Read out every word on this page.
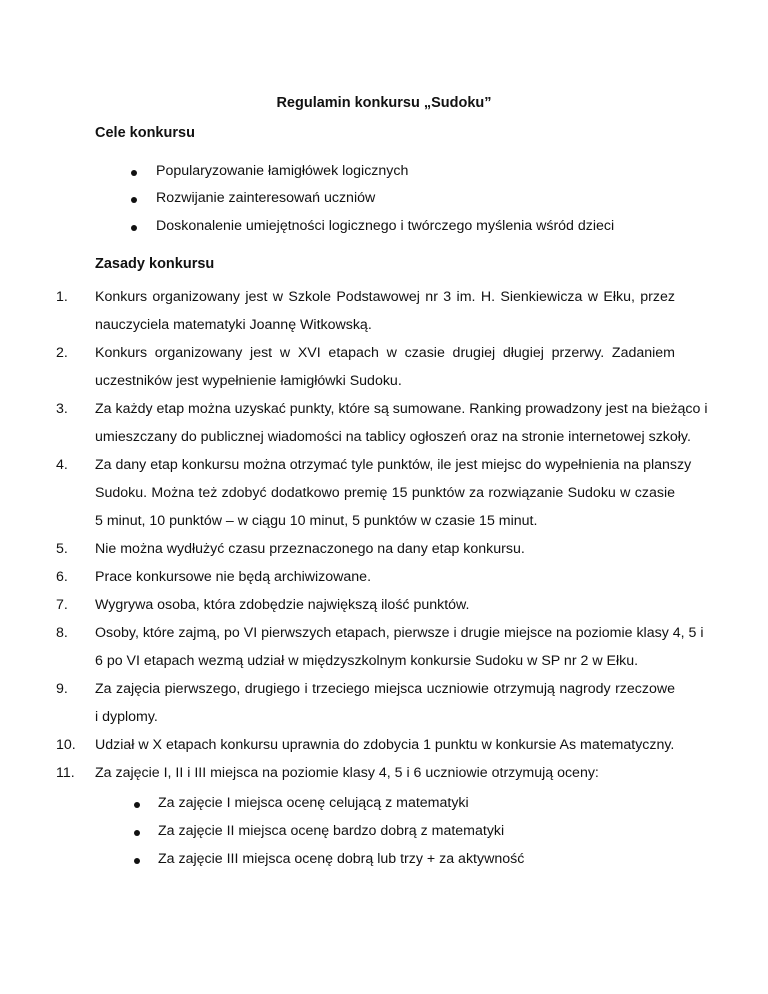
Regulamin konkursu „Sudoku”
Cele konkursu
Popularyzowanie łamigłówek logicznych
Rozwijanie zainteresowań uczniów
Doskonalenie umiejętności logicznego i twórczego myślenia wśród dzieci
Zasady konkursu
1.	Konkurs organizowany jest w Szkole Podstawowej nr 3 im. H. Sienkiewicza w Ełku, przez
nauczyciela matematyki Joannę Witkowską.
2.	Konkurs organizowany jest w XVI etapach w czasie drugiej długiej przerwy. Zadaniem
uczestników jest wypełnienie łamigłówki Sudoku.
3.	Za każdy etap można uzyskać punkty, które są sumowane. Ranking prowadzony jest na bieżąco i
umieszczany do publicznej wiadomości na tablicy ogłoszeń oraz na stronie internetowej szkoły.
4.	Za dany etap konkursu można otrzymać tyle punktów, ile jest miejsc do wypełnienia na planszy
Sudoku. Można też zdobyć dodatkowo premię 15 punktów za rozwiązanie Sudoku w czasie
5 minut, 10 punktów – w ciągu 10 minut, 5 punktów w czasie 15 minut.
5.	Nie można wydłużyć czasu przeznaczonego na dany etap konkursu.
6.	Prace konkursowe nie będą archiwizowane.
7.	Wygrywa osoba, która zdobędzie największą ilość punktów.
8.	Osoby, które zajmą, po VI pierwszych etapach, pierwsze i drugie miejsce na poziomie klasy 4, 5 i
6 po VI etapach wezmą udział w międzyszkolnym konkursie Sudoku w SP nr 2 w Ełku.
9.	Za zajęcia pierwszego, drugiego i trzeciego miejsca uczniowie otrzymują nagrody rzeczowe
i dyplomy.
10.	Udział w X etapach konkursu uprawnia do zdobycia 1 punktu w konkursie As matematyczny.
11.	Za zajęcie I, II i III miejsca na poziomie klasy 4, 5 i 6 uczniowie otrzymują oceny:
Za zajęcie I miejsca ocenę celującą z matematyki
Za zajęcie II miejsca ocenę bardzo dobrą z matematyki
Za zajęcie III miejsca ocenę dobrą lub trzy + za aktywność
